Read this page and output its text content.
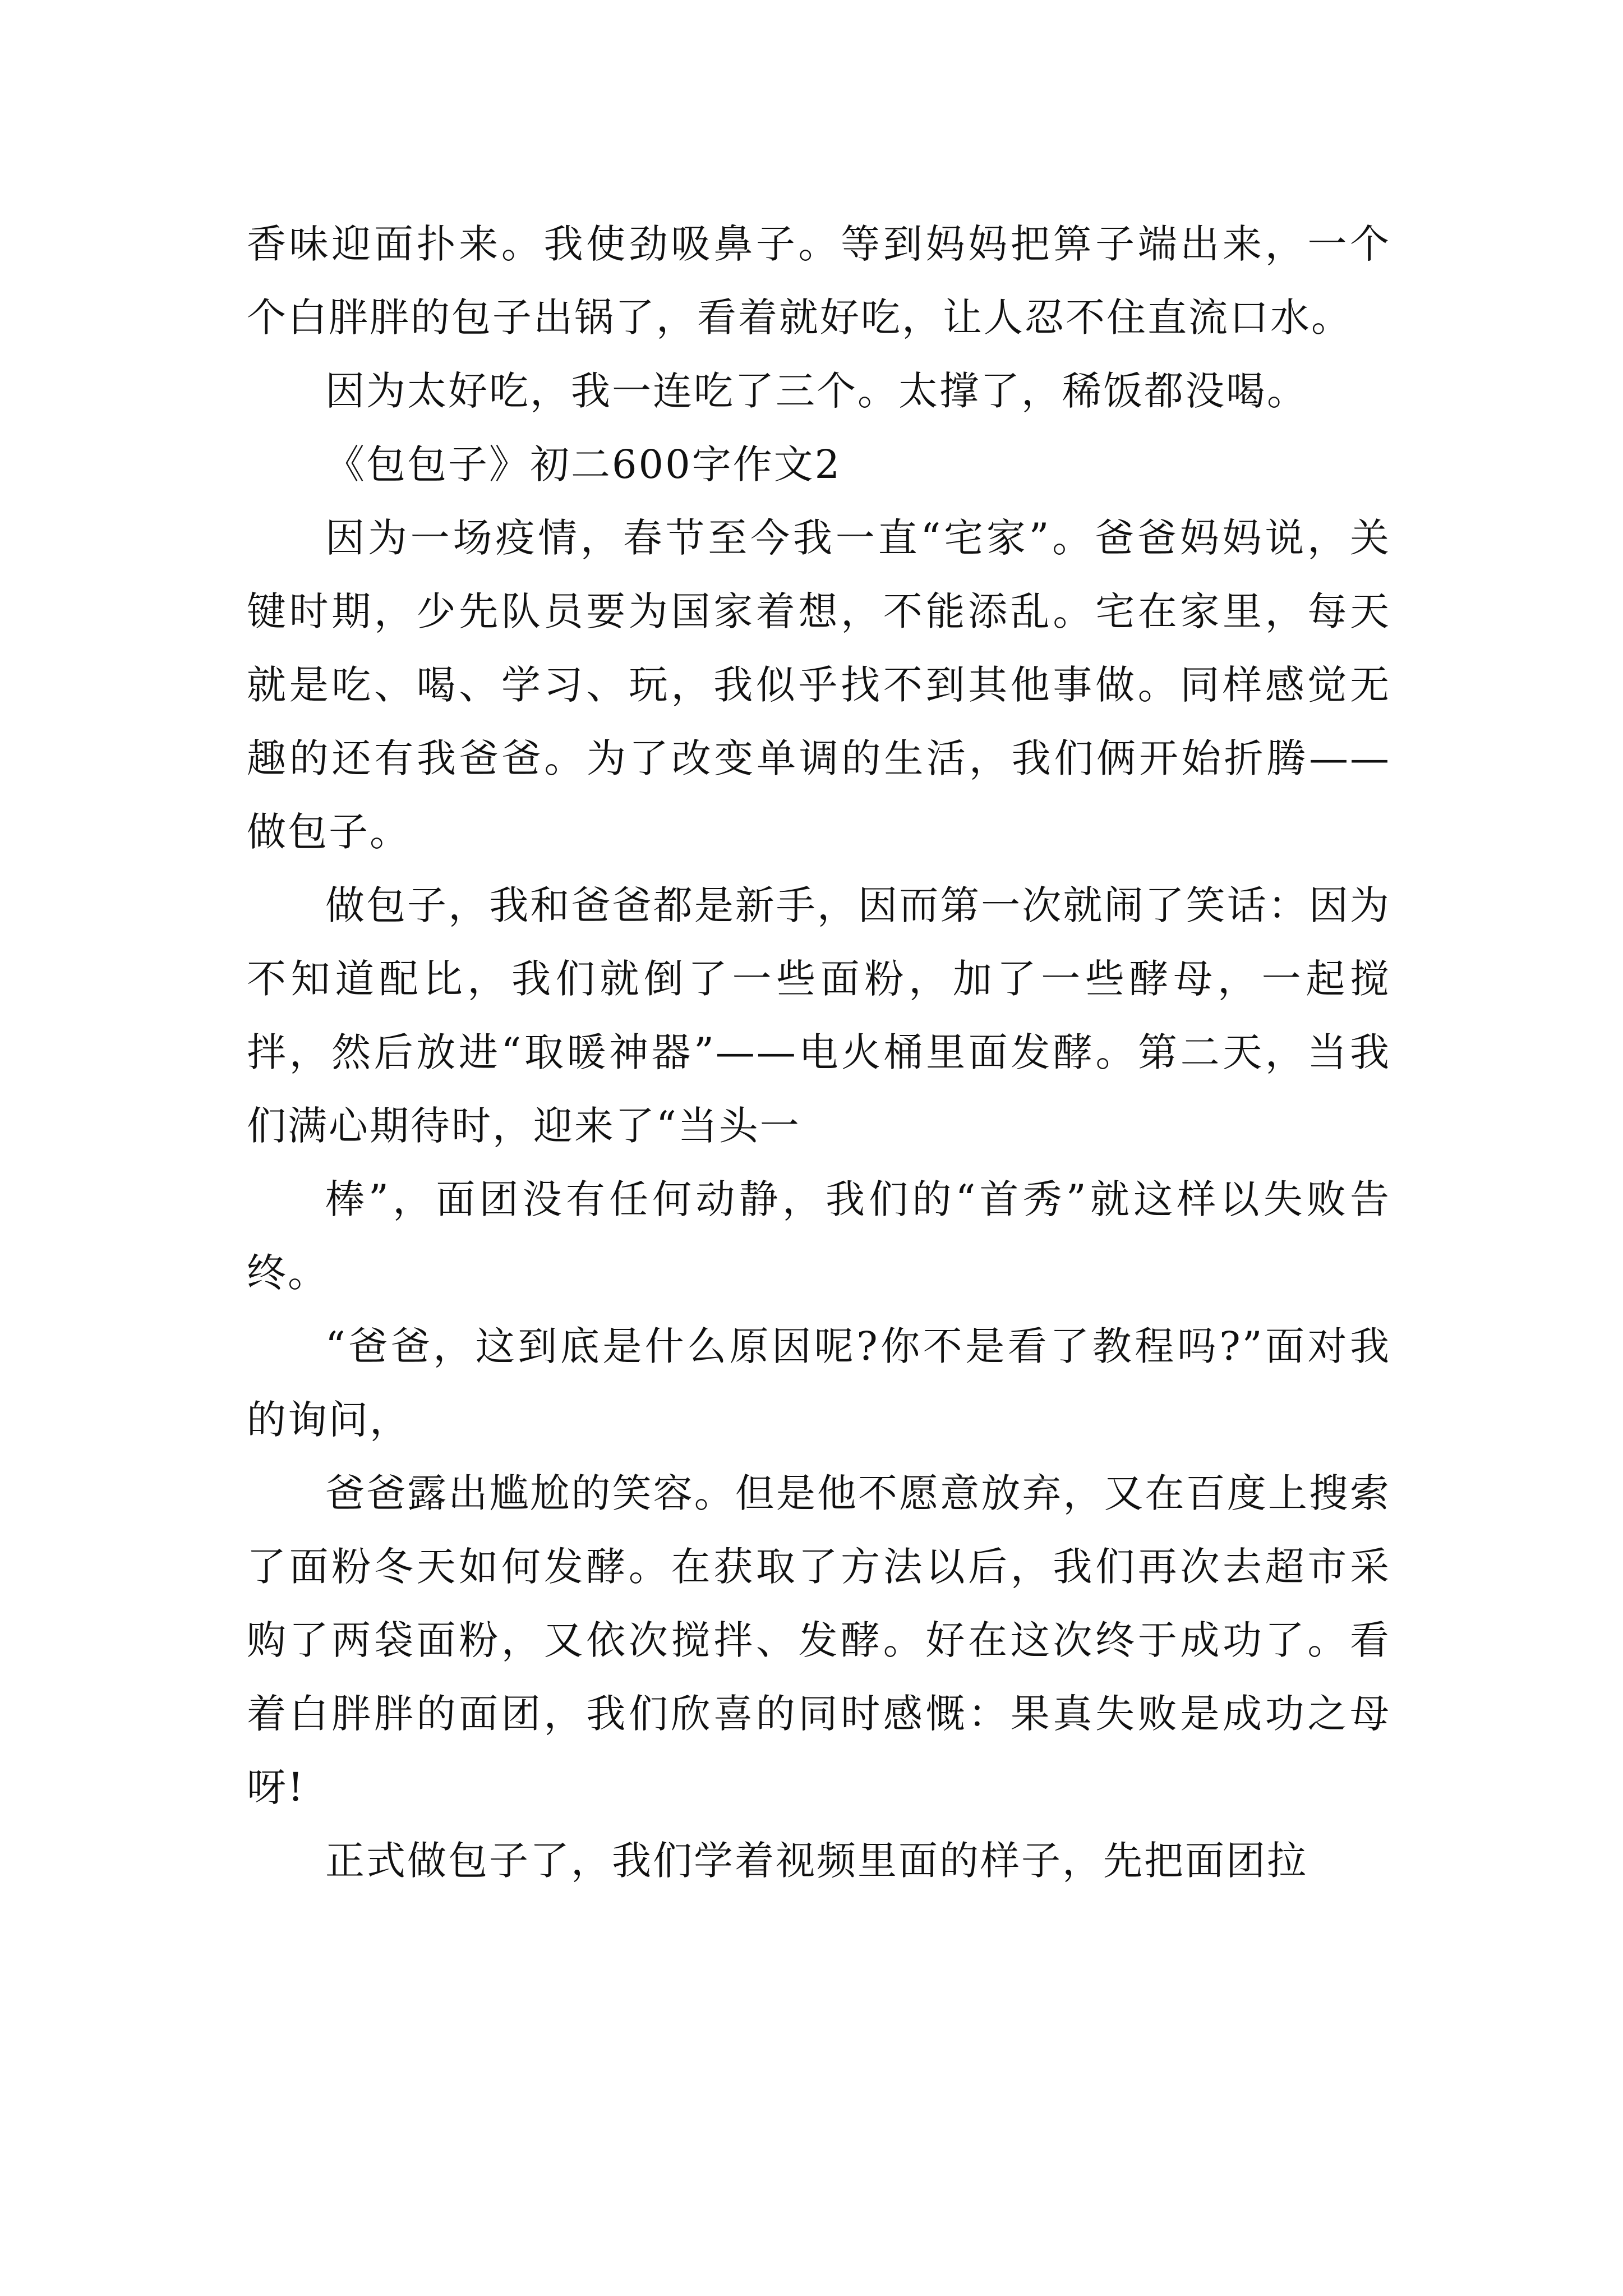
香味迎面扑来。我使劲吸鼻子。等到妈妈把箅子端出来，一个个白胖胖的包子出锅了，看着就好吃，让人忍不住直流口水。

因为太好吃，我一连吃了三个。太撑了，稀饭都没喝。

《包包子》初二600字作文2

因为一场疫情，春节至今我一直“宅家”。爸爸妈妈说，关键时期，少先队员要为国家着想，不能添乱。宅在家里，每天就是吃、喝、学习、玩，我似乎找不到其他事做。同样感觉无趣的还有我爸爸。为了改变单调的生活，我们俩开始折腾——做包子。

做包子，我和爸爸都是新手，因而第一次就闹了笑话：因为不知道配比，我们就倒了一些面粉，加了一些酵母，一起搅拌，然后放进“取暖神器”——电火桶里面发酵。第二天，当我们满心期待时，迎来了“当头一

棒”，面团没有任何动静，我们的“首秀”就这样以失败告终。

“爸爸，这到底是什么原因呢?你不是看了教程吗?”面对我的询问，

爸爸露出尴尬的笑容。但是他不愿意放弃，又在百度上搜索了面粉冬天如何发酵。在获取了方法以后，我们再次去超市采购了两袋面粉，又依次搅拌、发酵。好在这次终于成功了。看着白胖胖的面团，我们欣喜的同时感慨：果真失败是成功之母呀!

正式做包子了，我们学着视频里面的样子，先把面团拉
